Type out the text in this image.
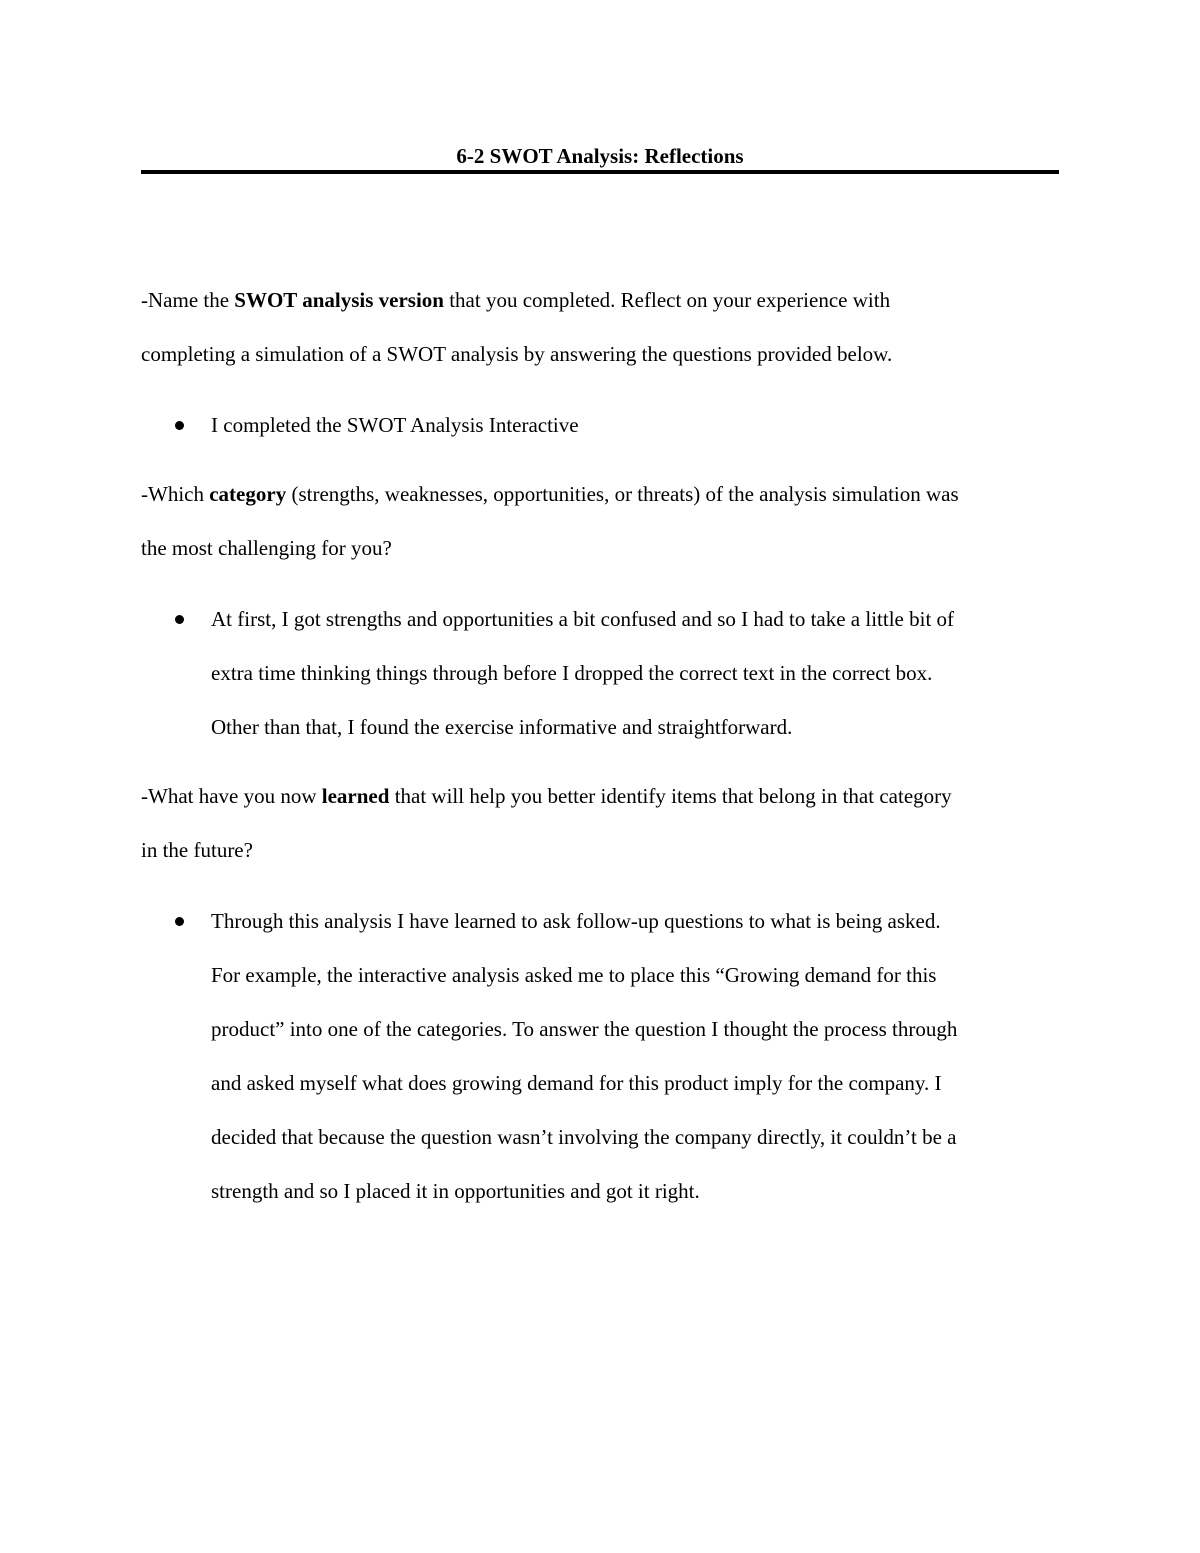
6-2 SWOT Analysis: Reflections
-Name the SWOT analysis version that you completed. Reflect on your experience with
completing a simulation of a SWOT analysis by answering the questions provided below.
I completed the SWOT Analysis Interactive
-Which category (strengths, weaknesses, opportunities, or threats) of the analysis simulation was
the most challenging for you?
At first, I got strengths and opportunities a bit confused and so I had to take a little bit of
extra time thinking things through before I dropped the correct text in the correct box.
Other than that, I found the exercise informative and straightforward.
-What have you now learned that will help you better identify items that belong in that category
in the future?
Through this analysis I have learned to ask follow-up questions to what is being asked.
For example, the interactive analysis asked me to place this “Growing demand for this
product” into one of the categories. To answer the question I thought the process through
and asked myself what does growing demand for this product imply for the company. I
decided that because the question wasn’t involving the company directly, it couldn’t be a
strength and so I placed it in opportunities and got it right.
